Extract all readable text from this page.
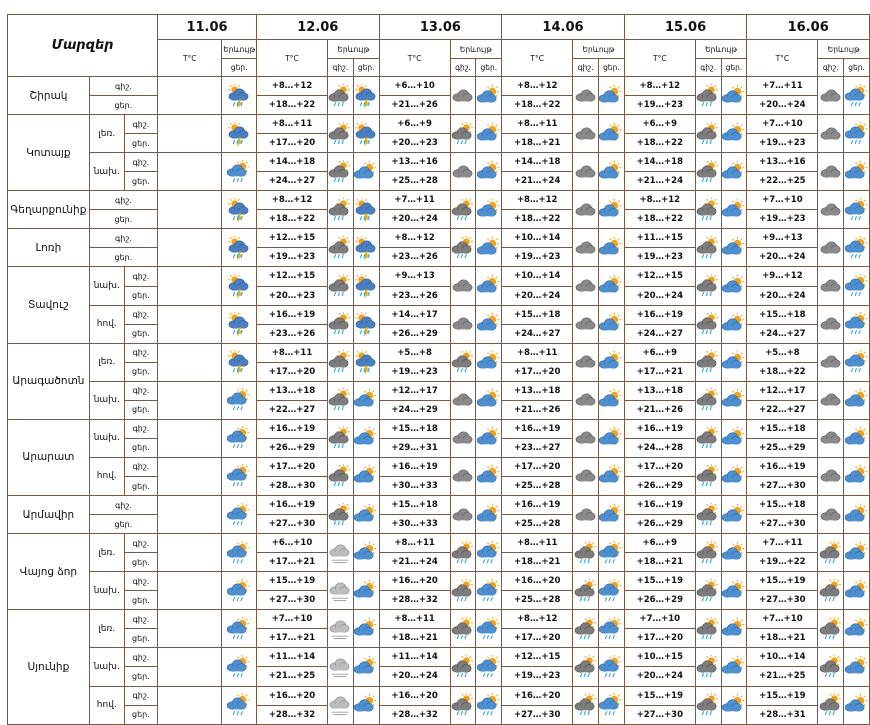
Մարզեր			11.06		12.06			13.06			14.06			15.06			16.06		
			T°C	Երևույթ	T°C	Երևույթ		T°C	Երևույթ		T°C	Երևույթ		T°C	Երևույթ		T°C	Երևույթ	
				ցեր.		գիշ.	ցեր.		գիշ.	ցեր.		գիշ.	ցեր.		գիշ.	ցեր.		գիշ.	ցեր.
Շիրակ	գիշ.				+8…+12			+6…+10			+8…+12			+8…+12			+7…+11	

	ցեր.				+18…+22			+21…+26			+18…+22			+19…+23			+20…+24		
Կոտայք	լեռ.	գիշ.			+8…+11			+6…+9			+8…+11			+6…+9			+7…+10	

		ցեր.			+17…+20			+20…+23			+18…+21			+18…+22			+19…+23		
	նախ.	գիշ.			+14…+18			+13…+16			+14…+18			+14…+18			+13…+16	

		ցեր.			+24…+27			+25…+28			+21…+24			+21…+24			+22…+25		
Գեղարքունիք	գիշ.				+8…+12			+7…+11			+8…+12			+8…+12			+7…+10	

	ցեր.				+18…+22			+20…+24			+18…+22			+18…+22			+19…+23		
Լոռի	գիշ.				+12…+15			+8…+12			+10…+14			+11…+15			+9…+13	

	ցեր.				+19…+23			+23…+26			+19…+23			+19…+23			+20…+24		
Տավուշ	նախ.	գիշ.			+12…+15			+9…+13			+10…+14			+12…+15			+9…+12	

		ցեր.			+20…+23			+23…+26			+20…+24			+20…+24			+20…+24		
	հով.	գիշ.			+16…+19			+14…+17			+15…+18			+16…+19			+15…+18	

		ցեր.			+23…+26			+26…+29			+24…+27			+24…+27			+24…+27		
Արագածոտն	լեռ.	գիշ.			+8…+11			+5…+8			+8…+11			+6…+9			+5…+8	

		ցեր.			+17…+20			+19…+23			+17…+20			+17…+21			+18…+22		
	նախ.	գիշ.			+13…+18			+12…+17			+13…+18			+13…+18			+12…+17	

		ցեր.			+22…+27			+24…+29			+21…+26			+21…+26			+22…+27		
Արարատ	նախ.	գիշ.			+16…+19			+15…+18			+16…+19			+16…+19			+15…+18	

		ցեր.			+26…+29			+29…+31			+23…+27			+24…+28			+25…+29		
	հով.	գիշ.			+17…+20			+16…+19			+17…+20			+17…+20			+16…+19	

		ցեր.			+28…+30			+30…+33			+25…+28			+26…+29			+27…+30		
Արմավիր	գիշ.				+16…+19			+15…+18			+16…+19			+16…+19			+15…+18	

	ցեր.				+27…+30			+30…+33			+25…+28			+26…+29			+27…+30		
Վայոց ձոր	լեռ.	գիշ.			+6…+10			+8…+11			+8…+11			+6…+9			+7…+11	

		ցեր.			+17…+21			+21…+24			+18…+21			+18…+21			+19…+22		
	նախ.	գիշ.			+15…+19			+16…+20			+16…+20			+15…+19			+15…+19	

		ցեր.			+27…+30			+28…+32			+25…+28			+26…+29			+27…+30		
Սյունիք	լեռ.	գիշ.			+7…+10			+8…+11			+8…+12			+7…+10			+7…+10	

		ցեր.			+17…+21			+18…+21			+17…+20			+17…+20			+18…+21		
	նախ.	գիշ.			+11…+14			+11…+14			+12…+15			+10…+15			+10…+14	

		ցեր.			+21…+25			+20…+24			+19…+23			+20…+24			+21…+25		
	հով.	գիշ.			+16…+20			+16…+20			+16…+20			+15…+19			+15…+19	

		ցեր.			+28…+32			+28…+32			+27…+30			+27…+30			+28…+31		
